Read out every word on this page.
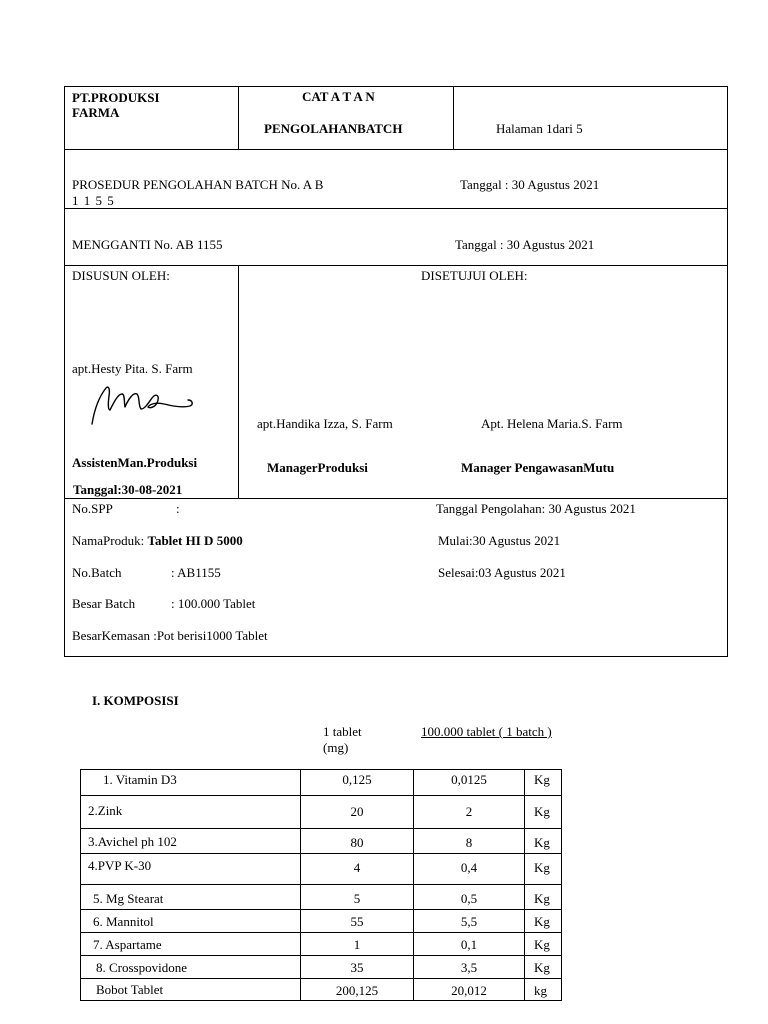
PT.PRODUKSI
FARMA
CAT A T A N
PENGOLAHANBATCH	Halaman 1dari 5
PROSEDUR PENGOLAHAN BATCH No. A B
1 1 5 5
Tanggal : 30 Agustus 2021
MENGGANTI No. AB 1155	Tanggal : 30 Agustus 2021
DISUSUN OLEH:	DISETUJUI OLEH:
apt.Hesty Pita. S. Farm
apt.Handika Izza, S. Farm	Apt. Helena Maria.S. Farm
AssistenMan.Produksi	ManagerProduksi	Manager PengawasanMutu
Tanggal:30-08-2021
No.SPP	:	Tanggal Pengolahan: 30 Agustus 2021
NamaProduk: Tablet HI D 5000	Mulai:30 Agustus 2021
No.Batch	: AB1155	Selesai:03 Agustus 2021
Besar Batch	: 100.000 Tablet
BesarKemasan :Pot berisi1000 Tablet
I. KOMPOSISI
1 tablet
(mg)
100.000 tablet ( 1 batch )
1. Vitamin D3	0,125	0,0125	Kg
2.Zink	20	2	Kg
3.Avichel ph 102	80	8	Kg
4.PVP K-30	4	0,4	Kg
5. Mg Stearat	5	0,5	Kg
6. Mannitol	55	5,5	Kg
7. Aspartame	1	0,1	Kg
8. Crosspovidone	35	3,5	Kg
Bobot Tablet	200,125	20,012	kg
